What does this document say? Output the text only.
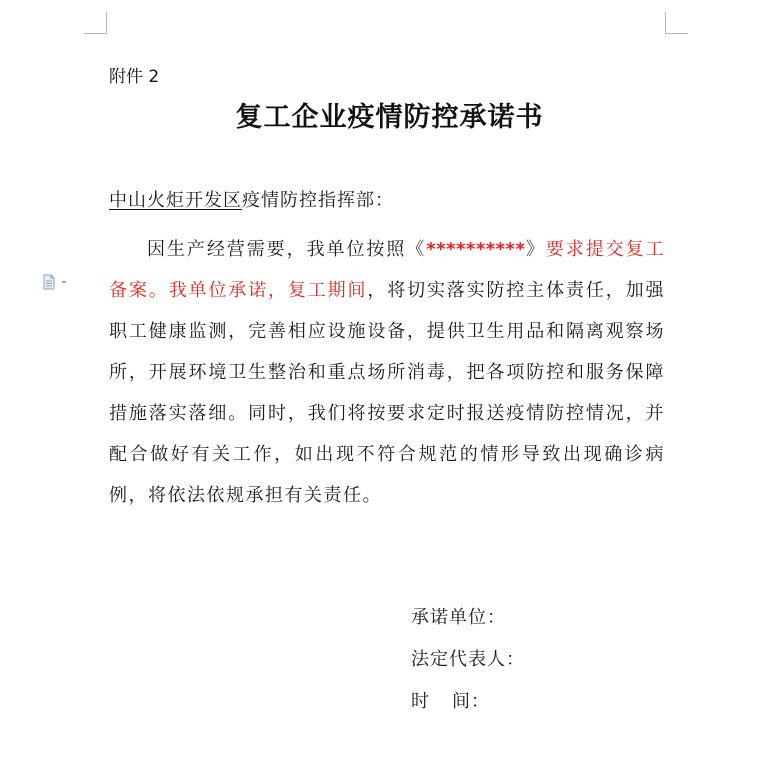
附件 2
复工企业疫情防控承诺书
中山火炬开发区疫情防控指挥部：
因生产经营需要，我单位按照《**********》要求提交复工备案。我单位承诺，复工期间，将切实落实防控主体责任，加强职工健康监测，完善相应设施设备，提供卫生用品和隔离观察场所，开展环境卫生整治和重点场所消毒，把各项防控和服务保障措施落实落细。同时，我们将按要求定时报送疫情防控情况，并配合做好有关工作，如出现不符合规范的情形导致出现确诊病例，将依法依规承担有关责任。
承诺单位：
法定代表人：
时 间：
